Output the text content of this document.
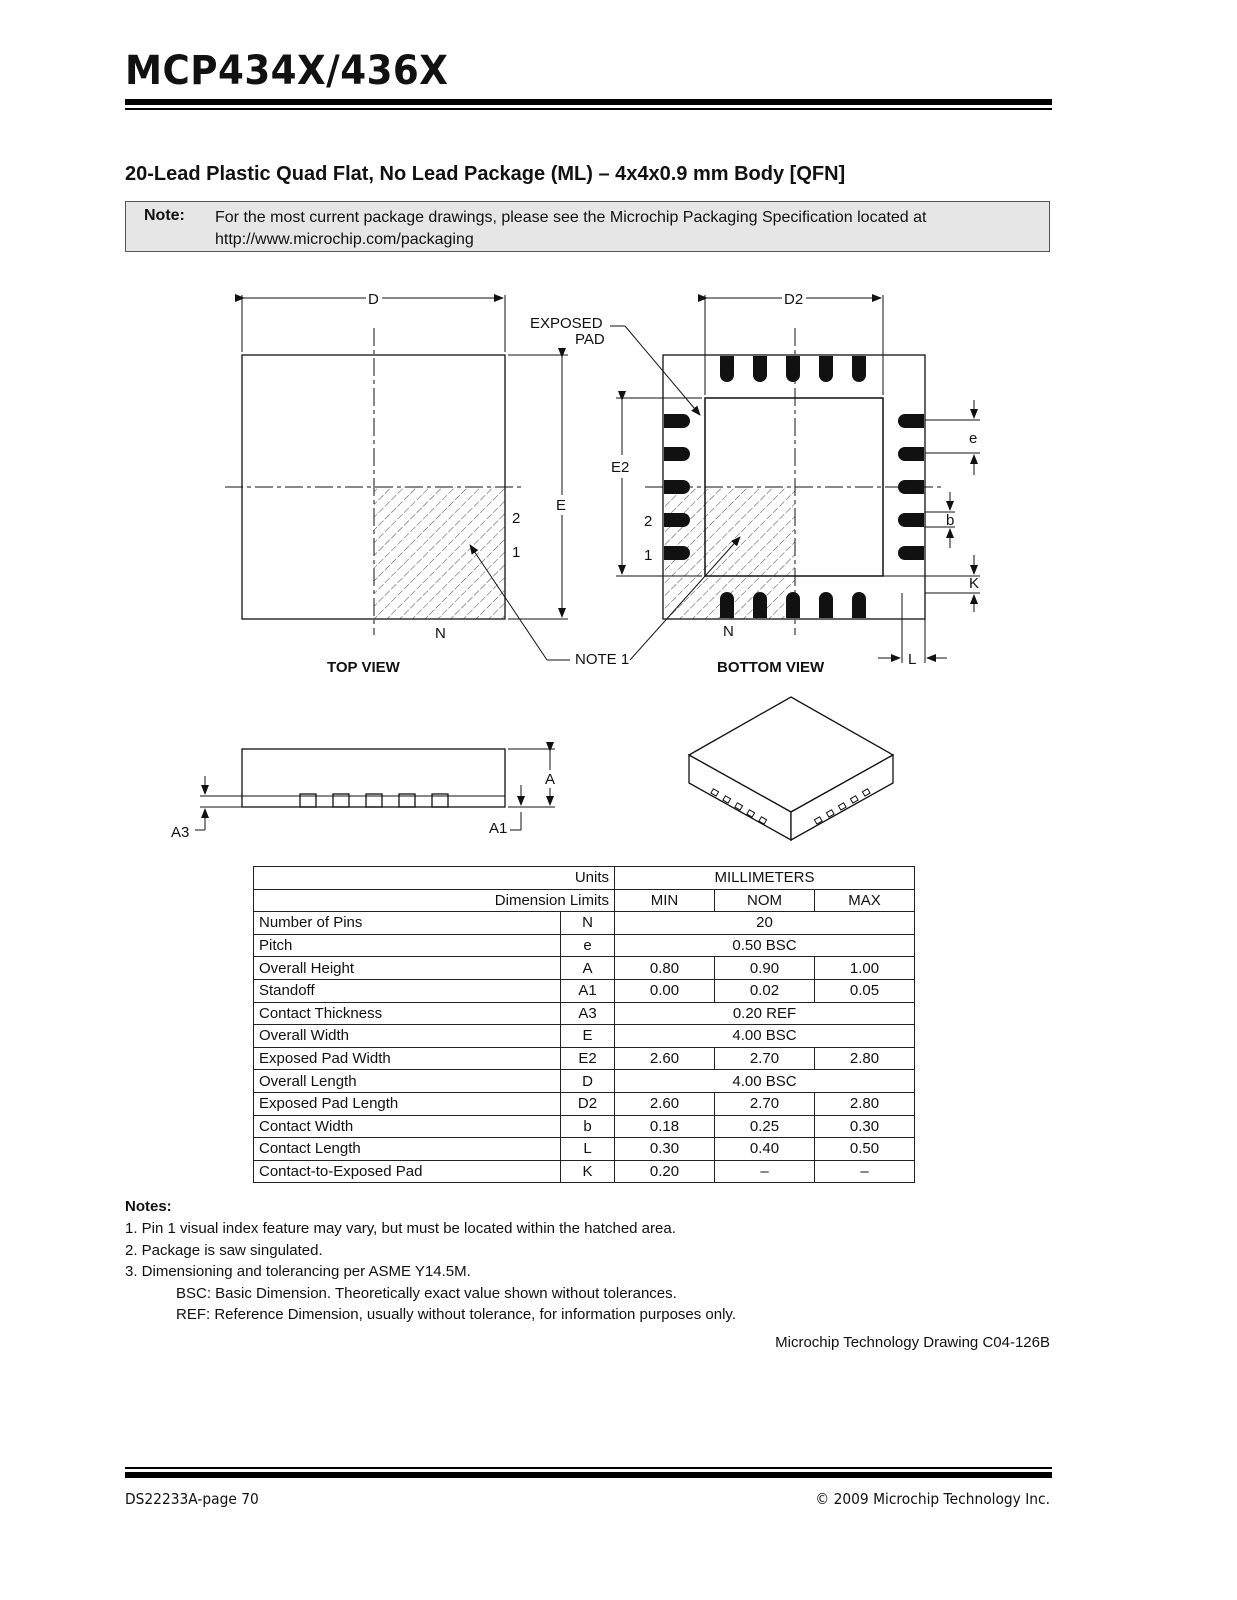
MCP434X/436X
20-Lead Plastic Quad Flat, No Lead Package (ML) – 4x4x0.9 mm Body [QFN]
Note: For the most current package drawings, please see the Microchip Packaging Specification located at http://www.microchip.com/packaging
D
E
2
1
N
TOP VIEW	NOTE 1
EXPOSED
PAD
D2
E2
2
1
N
BOTTOM VIEW
e
b
K
L
A
A1
A3
Units		MILLIMETERS		
Dimension Limits		MIN	NOM	MAX
Number of Pins	N	20		
Pitch	e	0.50 BSC		
Overall Height	A	0.80	0.90	1.00
Standoff	A1	0.00	0.02	0.05
Contact Thickness	A3	0.20 REF		
Overall Width	E	4.00 BSC		
Exposed Pad Width	E2	2.60	2.70	2.80
Overall Length	D	4.00 BSC		
Exposed Pad Length	D2	2.60	2.70	2.80
Contact Width	b	0.18	0.25	0.30
Contact Length	L	0.30	0.40	0.50
Contact-to-Exposed Pad	K	0.20	–	–
Notes:
1. Pin 1 visual index feature may vary, but must be located within the hatched area.
2. Package is saw singulated.
3. Dimensioning and tolerancing per ASME Y14.5M.
BSC: Basic Dimension. Theoretically exact value shown without tolerances.
REF: Reference Dimension, usually without tolerance, for information purposes only.
Microchip Technology Drawing C04-126B
DS22233A-page 70	© 2009 Microchip Technology Inc.
